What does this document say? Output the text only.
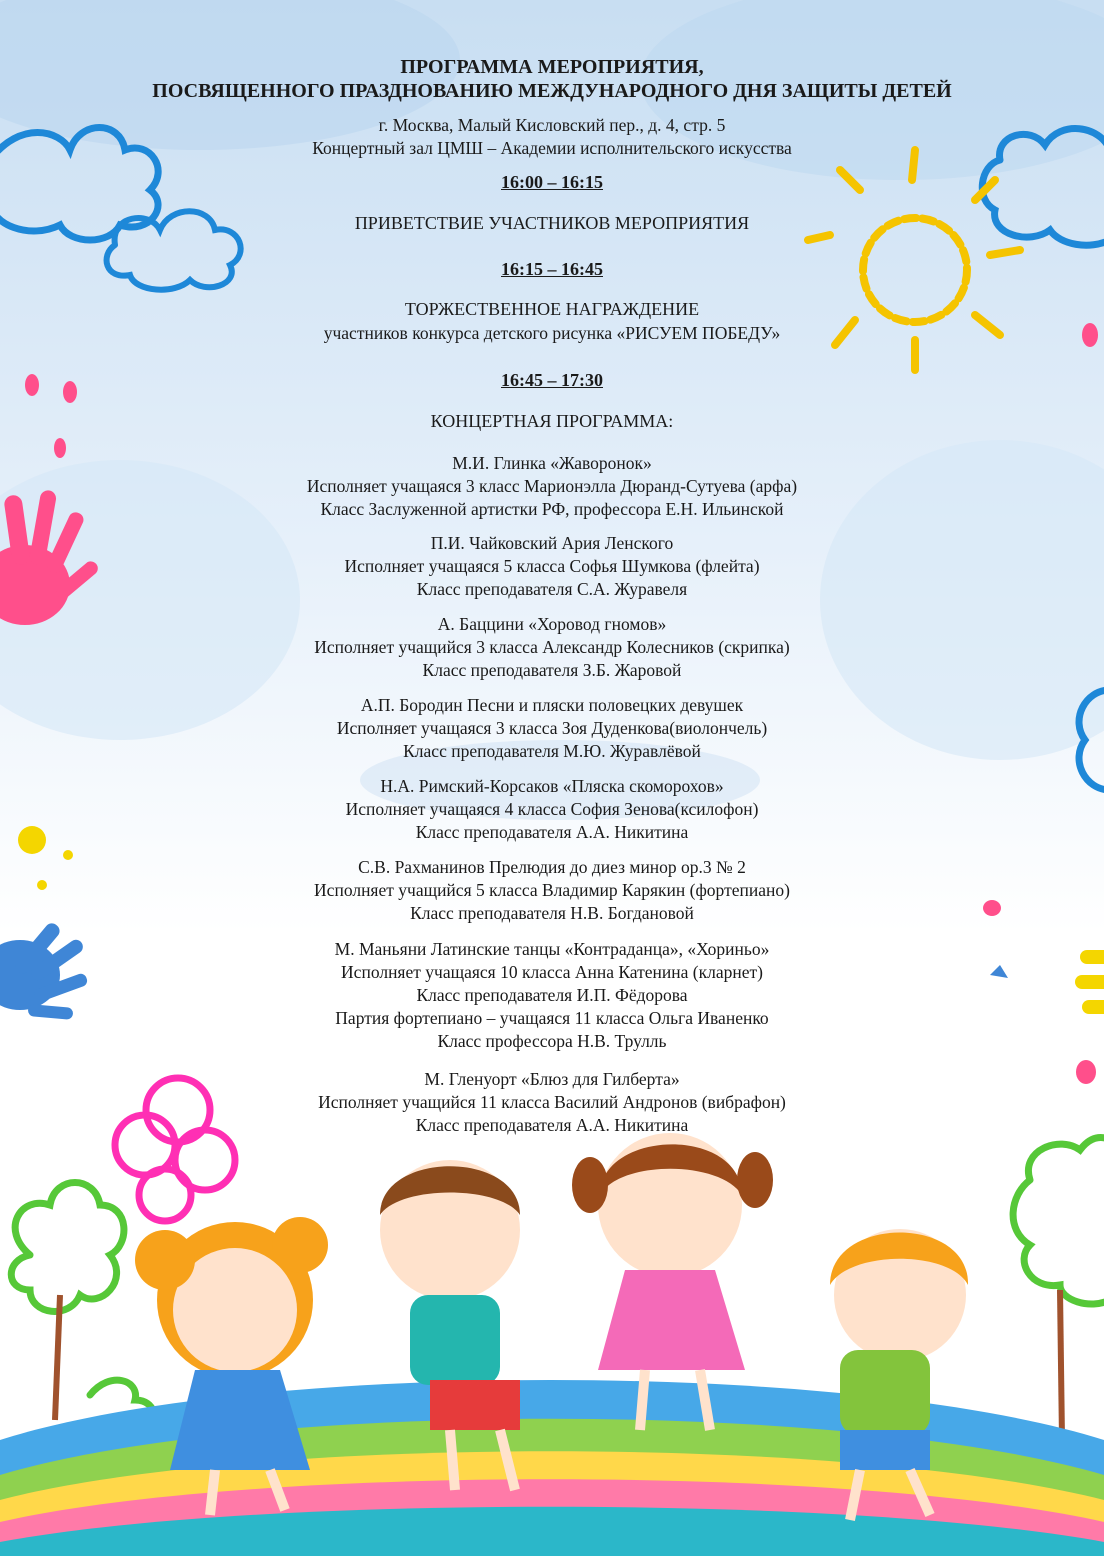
ПРОГРАММА МЕРОПРИЯТИЯ,
ПОСВЯЩЕННОГО ПРАЗДНОВАНИЮ МЕЖДУНАРОДНОГО ДНЯ ЗАЩИТЫ ДЕТЕЙ
г. Москва, Малый Кисловский пер., д. 4, стр. 5
Концертный зал ЦМШ – Академии исполнительского искусства
16:00 – 16:15
ПРИВЕТСТВИЕ УЧАСТНИКОВ МЕРОПРИЯТИЯ
16:15 – 16:45
ТОРЖЕСТВЕННОЕ НАГРАЖДЕНИЕ
участников конкурса детского рисунка «РИСУЕМ ПОБЕДУ»
16:45 – 17:30
КОНЦЕРТНАЯ ПРОГРАММА:
М.И. Глинка «Жаворонок»
Исполняет учащаяся 3 класс Марионэлла Дюранд-Сутуева (арфа)
Класс Заслуженной артистки РФ, профессора Е.Н. Ильинской
П.И. Чайковский Ария Ленского
Исполняет учащаяся 5 класса Софья Шумкова (флейта)
Класс преподавателя С.А. Журавеля
А. Баццини «Хоровод гномов»
Исполняет учащийся 3 класса Александр Колесников (скрипка)
Класс преподавателя З.Б. Жаровой
А.П. Бородин Песни и пляски половецких девушек
Исполняет учащаяся 3 класса Зоя Дуденкова(виолончель)
Класс преподавателя М.Ю. Журавлёвой
Н.А. Римский-Корсаков «Пляска скоморохов»
Исполняет учащаяся 4 класса София Зенова(ксилофон)
Класс преподавателя А.А. Никитина
С.В. Рахманинов Прелюдия до диез минор ор.3 № 2
Исполняет учащийся 5 класса Владимир Карякин (фортепиано)
Класс преподавателя Н.В. Богдановой
М. Маньяни Латинские танцы «Контраданца», «Хориньо»
Исполняет учащаяся 10 класса Анна Катенина (кларнет)
Класс преподавателя И.П. Фёдорова
Партия фортепиано – учащаяся 11 класса Ольга Иваненко
Класс профессора Н.В. Трулль
М. Гленуорт «Блюз для Гилберта»
Исполняет учащийся 11 класса Василий Андронов (вибрафон)
Класс преподавателя А.А. Никитина
